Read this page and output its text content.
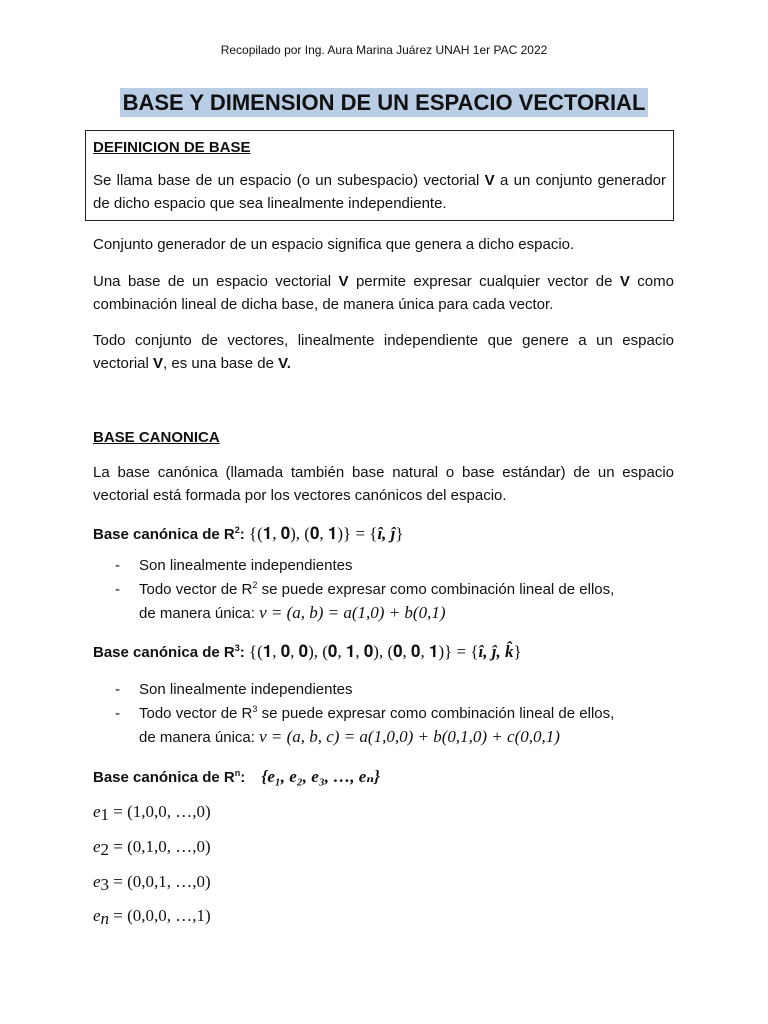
Recopilado por Ing. Aura Marina Juárez UNAH 1er PAC 2022
BASE Y DIMENSION DE UN ESPACIO VECTORIAL
DEFINICION DE BASE
Se llama base de un espacio (o un subespacio) vectorial V a un conjunto generador de dicho espacio que sea linealmente independiente.
Conjunto generador de un espacio significa que genera a dicho espacio.
Una base de un espacio vectorial V permite expresar cualquier vector de V como combinación lineal de dicha base, de manera única para cada vector.
Todo conjunto de vectores, linealmente independiente que genere a un espacio vectorial V, es una base de V.
BASE CANONICA
La base canónica (llamada también base natural o base estándar) de un espacio vectorial está formada por los vectores canónicos del espacio.
Base canónica de $R^2$: {(𝟏, 𝟎), (𝟎, 𝟏)} = {î, ĵ}
- Son linealmente independientes
- Todo vector de $R^2$ se puede expresar como combinación lineal de ellos,
de manera única: v = (a, b) = a(1,0) + b(0,1)
Base canónica de $R^3$: {(𝟏, 𝟎, 𝟎), (𝟎, 𝟏, 𝟎), (𝟎, 𝟎, 𝟏)} = {î, ĵ, k̂}
- Son linealmente independientes
- Todo vector de $R^3$ se puede expresar como combinación lineal de ellos,
de manera única: v = (a, b, c) = a(1,0,0) + b(0,1,0) + c(0,0,1)
Base canónica de $R^n$: {e₁, e₂, e₃, …, eₙ}
$e_1 = (1,0,0$, …,0)
$e_2 = (0,1,0$, …,0)
$e_3 = (0,0,1$, …,0)
$e_n = (0,0,0$, …,1)
